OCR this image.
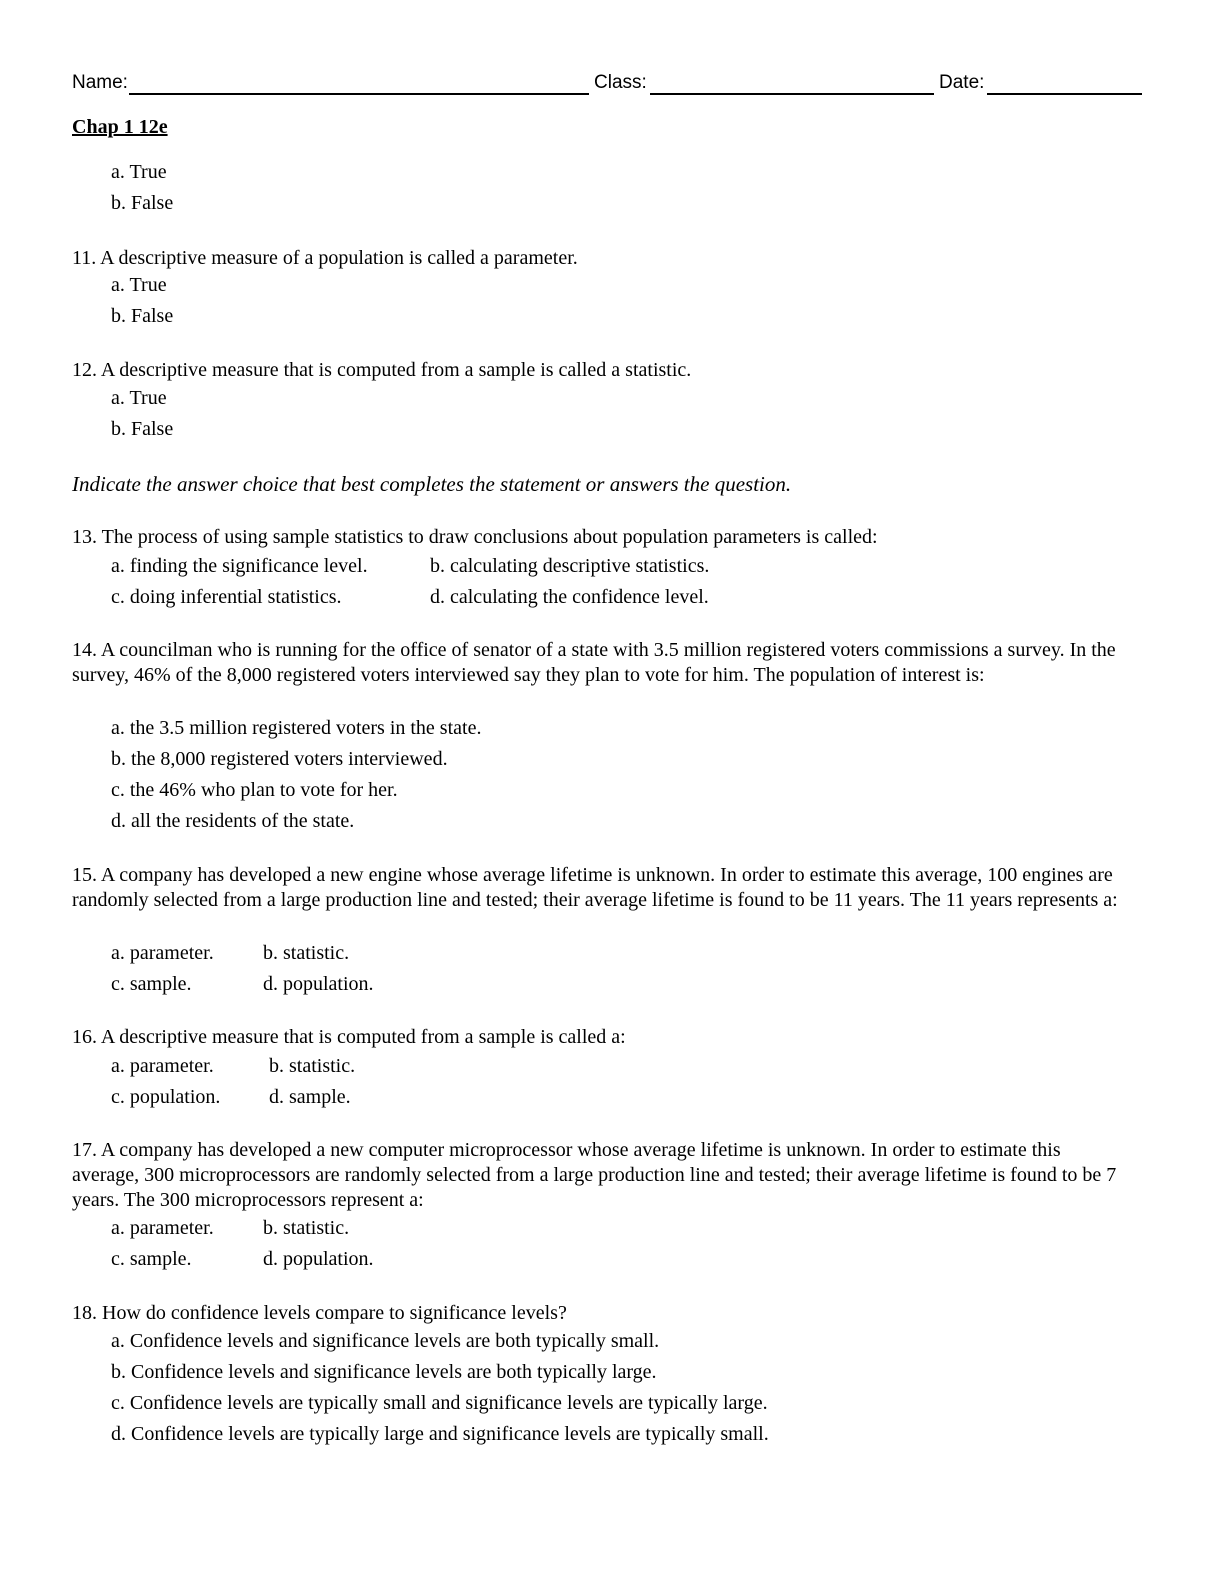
Name:	Class:	Date:
Chap 1 12e
a. True
b. False

11. A descriptive measure of a population is called a parameter.

a. True
b. False

12. A descriptive measure that is computed from a sample is called a statistic.

a. True
b. False
Indicate the answer choice that best completes the statement or answers the question.

13. The process of using sample statistics to draw conclusions about population parameters is called:

a. finding the significance level.	b. calculating descriptive statistics.
c. doing inferential statistics.	d. calculating the confidence level.

14. A councilman who is running for the office of senator of a state with 3.5 million registered voters commissions a survey. In the survey, 46% of the 8,000 registered voters interviewed say they plan to vote for him. The population of interest is:

a. the 3.5 million registered voters in the state.
b. the 8,000 registered voters interviewed.
c. the 46% who plan to vote for her.
d. all the residents of the state.

15. A company has developed a new engine whose average lifetime is unknown. In order to estimate this average, 100 engines are randomly selected from a large production line and tested; their average lifetime is found to be 11 years. The 11 years represents a:

a. parameter. b. statistic.
c. sample.	d. population.

16. A descriptive measure that is computed from a sample is called a:

a. parameter.	b. statistic.
c. population. d. sample.

17. A company has developed a new computer microprocessor whose average lifetime is unknown. In order to estimate this average, 300 microprocessors are randomly selected from a large production line and tested; their average lifetime is found to be 7 years. The 300 microprocessors represent a:

a. parameter. b. statistic.
c. sample.	d. population.

18. How do confidence levels compare to significance levels?

a. Confidence levels and significance levels are both typically small.
b. Confidence levels and significance levels are both typically large.
c. Confidence levels are typically small and significance levels are typically large.
d. Confidence levels are typically large and significance levels are typically small.
